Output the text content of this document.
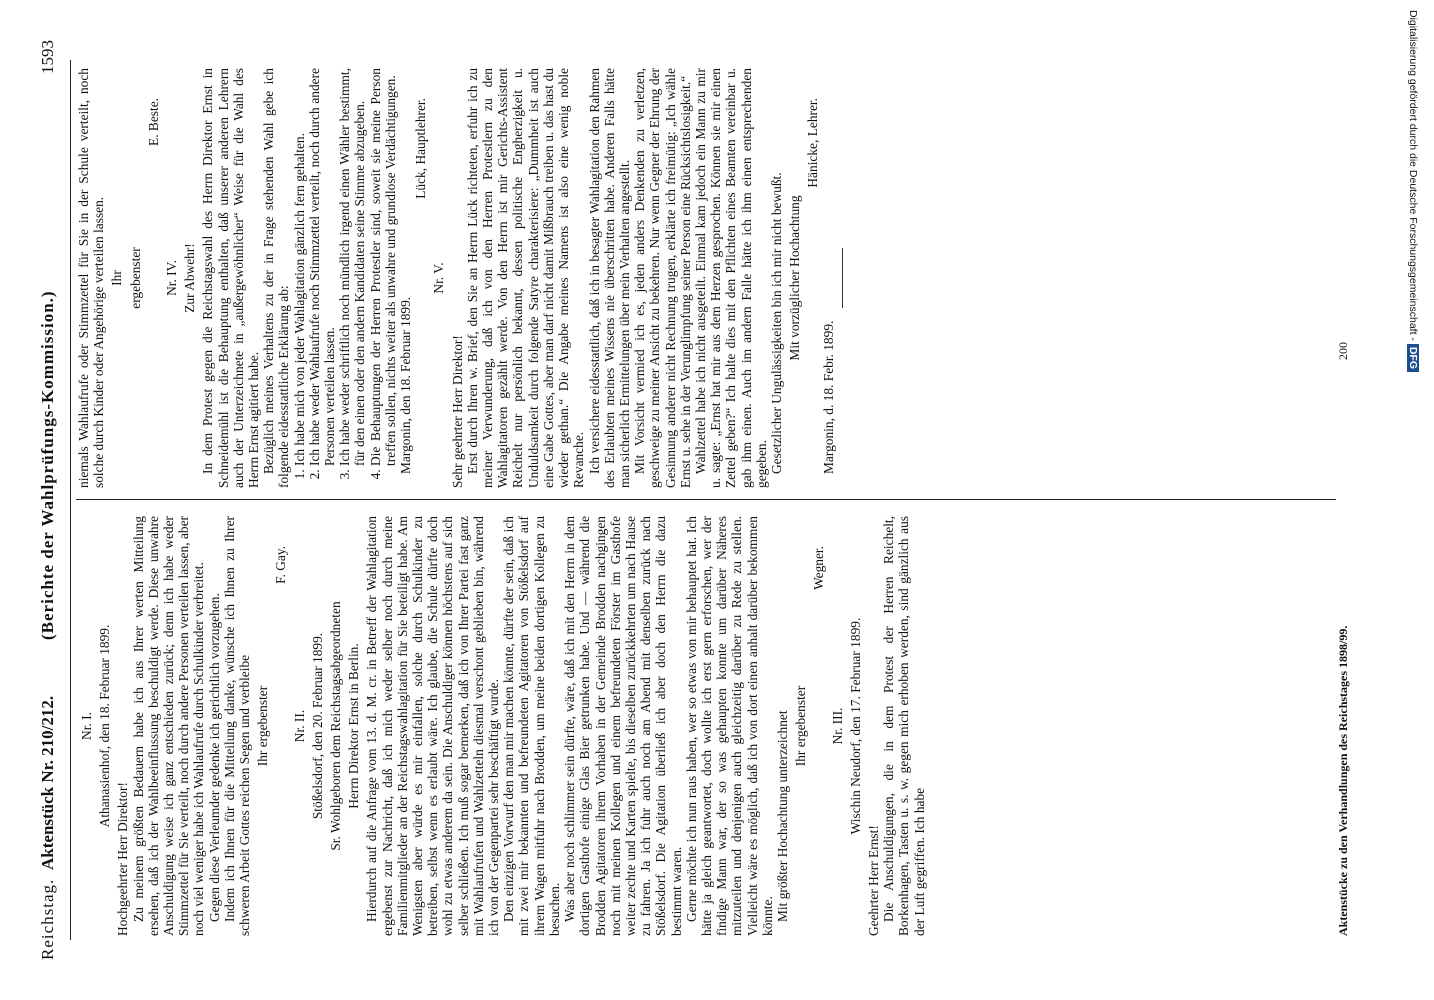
Reichstag.
Aktenstück Nr. 210/212.
(Berichte der Wahlprüfungs-Kommission.)
1593

Nr. I. Athanasienhof, den 18. Februar 1899.

Hochgeehrter Herr Direktor! Zu meinem größten Bedauern habe ich aus Ihrer werten Mitteilung ersehen, daß ich der Wahlbeeinflussung beschuldigt werde. Diese unwahre Anschuldigung weise ich ganz entschieden zurück; denn ich habe weder Stimmzettel für Sie verteilt, noch durch andere Personen verteilen lassen, aber noch viel weniger habe ich Wahlaufrufe durch Schulkinder verbreitet. Gegen diese Verleumder gedenke ich gerichtlich vorzugehen. Indem ich Ihnen für die Mitteilung danke, wünsche ich Ihnen zu Ihrer schweren Arbeit Gottes reichen Segen und verbleibe Ihr ergebenster

F. Gay.

Nr. II. Stößelsdorf, den 20. Februar 1899. Sr. Wohlgeboren dem Reichstagsabgeordneten Herrn Direktor Ernst in Berlin. Hierdurch auf die Anfrage vom 13. d. M. cr. in Betreff der Wahlagitation ergebenst zur Nachricht, daß ich mich weder selber noch durch meine Familienmitglieder an der Reichstagswahlagitation für Sie beteiligt habe. Am Wenigsten aber würde es mir einfallen, solche durch Schulkinder zu betreiben, selbst wenn es erlaubt wäre. Ich glaube, die Schule dürfte doch wohl zu etwas anderem da sein. Die Anschuldiger können höchstens auf sich selber schließen. Ich muß sogar bemerken, daß ich von Ihrer Partei fast ganz mit Wahlaufrufen und Wahlzetteln diesmal verschont geblieben bin, während ich von der Gegenpartei sehr beschäftigt wurde. Den einzigen Vorwurf den man mir machen könnte, dürfte der sein, daß ich mit zwei mir bekannten und befreundeten Agitatoren von Stößelsdorf auf ihrem Wagen mitfuhr nach Brodden, um meine beiden dortigen Kollegen zu besuchen. Was aber noch schlimmer sein dürfte, wäre, daß ich mit den Herrn in dem dortigen Gasthofe einige Glas Bier getrunken habe. Und — während die Brodden Agitatoren ihrem Vorhaben in der Gemeinde Brodden nachgingen noch mit meinen Kollegen und einem befreundeten Förster im Gasthofe weiter zechte und Karten spielte, bis dieselben zurückkehrten um nach Hause zu fahren. Ja ich fuhr auch noch am Abend mit denselben zurück nach Stößelsdorf. Die Agitation überließ ich aber doch den Herrn die dazu bestimmt waren. Gerne möchte ich nun raus haben, wer so etwas von mir behauptet hat. Ich hätte ja gleich geantwortet, doch wollte ich erst gern erforschen, wer der findige Mann war, der so was gehaupten konnte um darüber Näheres mitzuteilen und denjenigen auch gleichzeitig darüber zu Rede zu stellen. Vielleicht wäre es möglich, daß ich von dort einen anhalt darüber bekommen könnte. Mit größter Hochachtung unterzeichnet Ihr ergebenster

Wegner.

Nr. III. Wischin Neudorf, den 17. Februar 1899.

Geehrter Herr Ernst! Die Anschuldigungen, die in dem Protest der Herren Reichelt, Borkenhagen, Tasten u. s. w. gegen mich erhoben werden, sind gänzlich aus der Luft gegriffen. Ich habe

niemals Wahlaufrufe oder Stimmzettel für Sie in der Schule verteilt, noch solche durch Kinder oder Angehörige verteilen lassen. Ihr ergebenster

E. Beste.

Nr. IV. Zur Abwehr! In dem Protest gegen die Reichstagswahl des Herrn Direktor Ernst in Schneidemühl ist die Behauptung enthalten, daß unserer anderen Lehrern auch der Unterzeichnete in „außergewöhnlicher“ Weise für die Wahl des Herrn Ernst agitiert habe. Bezüglich meines Verhaltens zu der in Frage stehenden Wahl gebe ich folgende eidesstattliche Erklärung ab: 1. Ich habe mich von jeder Wahlagitation gänzlich fern gehalten. 2. Ich habe weder Wahlaufrufe noch Stimmzettel verteilt, noch durch andere Personen verteilen lassen. 3. Ich habe weder schriftlich noch mündlich irgend einen Wähler bestimmt, für den einen oder den andern Kandidaten seine Stimme abzugeben. 4. Die Behauptungen der Herren Protestler sind, soweit sie meine Person treffen sollen, nichts weiter als unwahre und grundlose Verdächtigungen. Margonin, den 18. Februar 1899.

Lück, Hauptlehrer.

Nr. V.

Sehr geehrter Herr Direktor! Erst durch Ihren w. Brief, den Sie an Herrn Lück richteten, erfuhr ich zu meiner Verwunderung, daß ich von den Herren Protestlern zu den Wahlagitatoren gezählt werde. Von den Herrn ist mir Gerichts-Assistent Reichelt nur persönlich bekannt, dessen politische Engherzigkeit u. Unduldsamkeit durch folgende Satyre charakterisiere: „Dummheit ist auch eine Gabe Gottes, aber man darf nicht damit Mißbrauch treiben u. das hast du wieder gethan.“ Die Angabe meines Namens ist also eine wenig noble Revanche. Ich versichere eidesstattlich, daß ich in besagter Wahlagitation den Rahmen des Erlaubten meines Wissens nie überschritten habe. Anderen Falls hätte man sicherlich Ermittelungen über mein Verhalten angestellt. Mit Vorsicht vermied ich es, jeden anders Denkenden zu verletzen, geschweige zu meiner Ansicht zu bekehren. Nur wenn Gegner der Ehrung der Gesinnung anderer nicht Rechnung trugen, erklärte ich freimütig: „Ich wähle Ernst u. sehe in der Verunglimpfung seiner Person eine Rücksichtslosigkeit.“ Wahlzettel habe ich nicht ausgeteilt. Einmal kam jedoch ein Mann zu mir u. sagte: „Ernst hat mir aus dem Herzen gesprochen. Können sie mir einen Zettel geben?“ Ich halte dies mit den Pflichten eines Beamten vereinbar u. gab ihm einen. Auch im andern Falle hätte ich ihm einen entsprechenden gegeben. Gesetzlicher Ungulässigkeiten bin ich mir nicht bewußt. Mit vorzüglicher Hochachtung

Hänicke, Lehrer.

Margonin, d. 18. Febr. 1899.

Aktenstücke zu den Verhandlungen des Reichstages 1898/99.
200
Digitalisierung gefördert durch die Deutsche Forschungsgemeinschaft - DFG
